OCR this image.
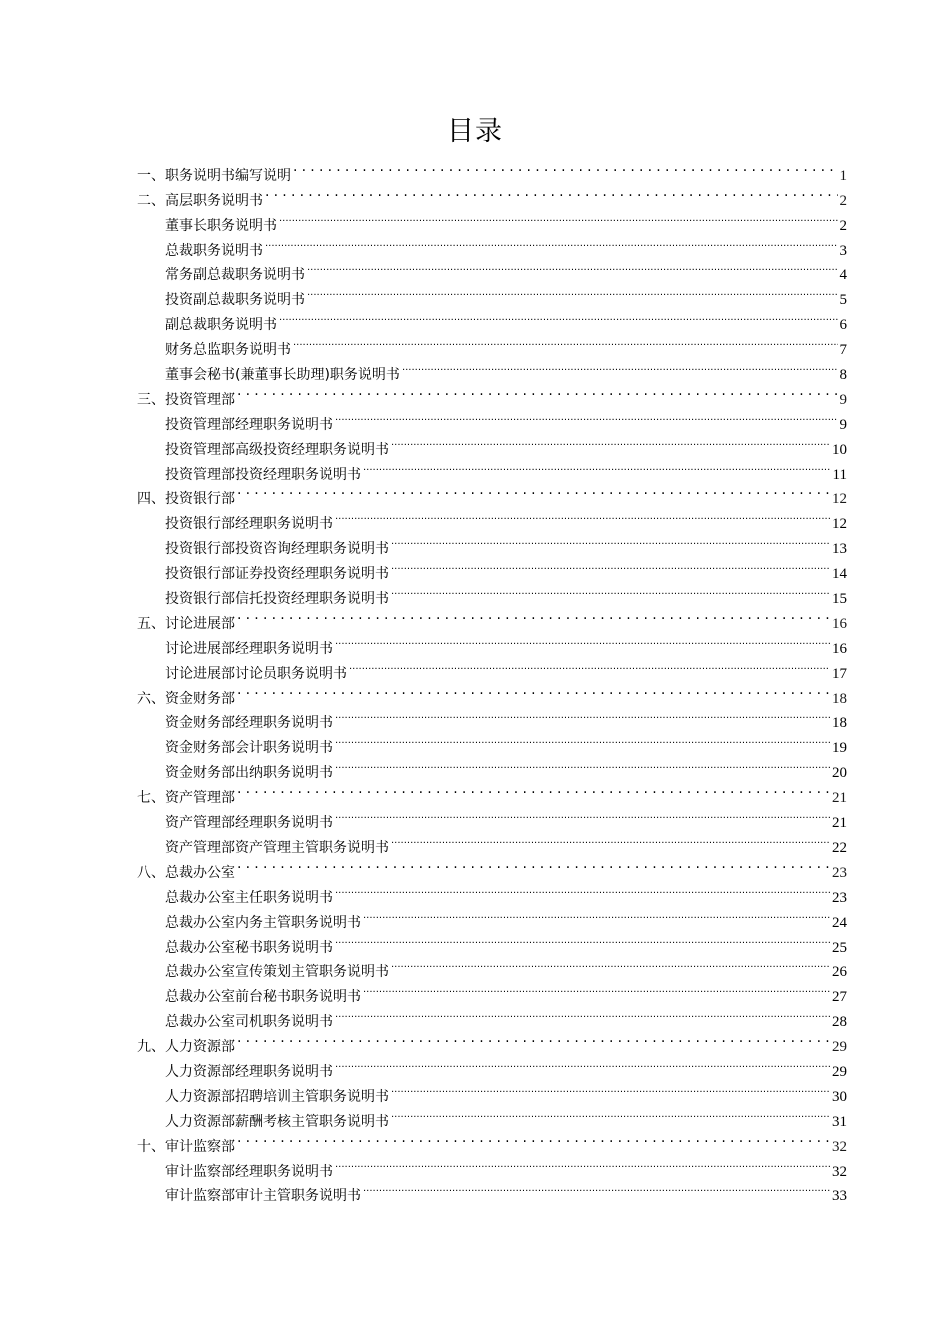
目录
一、职务说明书编写说明 .....	1
二、高层职务说明书 .....	2
董事长职务说明书 .....	2
总裁职务说明书 .....	3
常务副总裁职务说明书 .....	4
投资副总裁职务说明书 .....	5
副总裁职务说明书 .....	6
财务总监职务说明书 .....	7
董事会秘书(兼董事长助理)职务说明书 .....	8
三、投资管理部 .....	9
投资管理部经理职务说明书 .....	9
投资管理部高级投资经理职务说明书 .....	10
投资管理部投资经理职务说明书 .....	11
四、投资银行部 .....	12
投资银行部经理职务说明书 .....	12
投资银行部投资咨询经理职务说明书 .....	13
投资银行部证券投资经理职务说明书 .....	14
投资银行部信托投资经理职务说明书 .....	15
五、讨论进展部 .....	16
讨论进展部经理职务说明书 .....	16
讨论进展部讨论员职务说明书 .....	17
六、资金财务部 .....	18
资金财务部经理职务说明书 .....	18
资金财务部会计职务说明书 .....	19
资金财务部出纳职务说明书 .....	20
七、资产管理部 .....	21
资产管理部经理职务说明书 .....	21
资产管理部资产管理主管职务说明书 .....	22
八、总裁办公室 .....	23
总裁办公室主任职务说明书 .....	23
总裁办公室内务主管职务说明书 .....	24
总裁办公室秘书职务说明书 .....	25
总裁办公室宣传策划主管职务说明书 .....	26
总裁办公室前台秘书职务说明书 .....	27
总裁办公室司机职务说明书 .....	28
九、人力资源部 .....	29
人力资源部经理职务说明书 .....	29
人力资源部招聘培训主管职务说明书 .....	30
人力资源部薪酬考核主管职务说明书 .....	31
十、审计监察部 .....	32
审计监察部经理职务说明书 .....	32
审计监察部审计主管职务说明书 .....	33
